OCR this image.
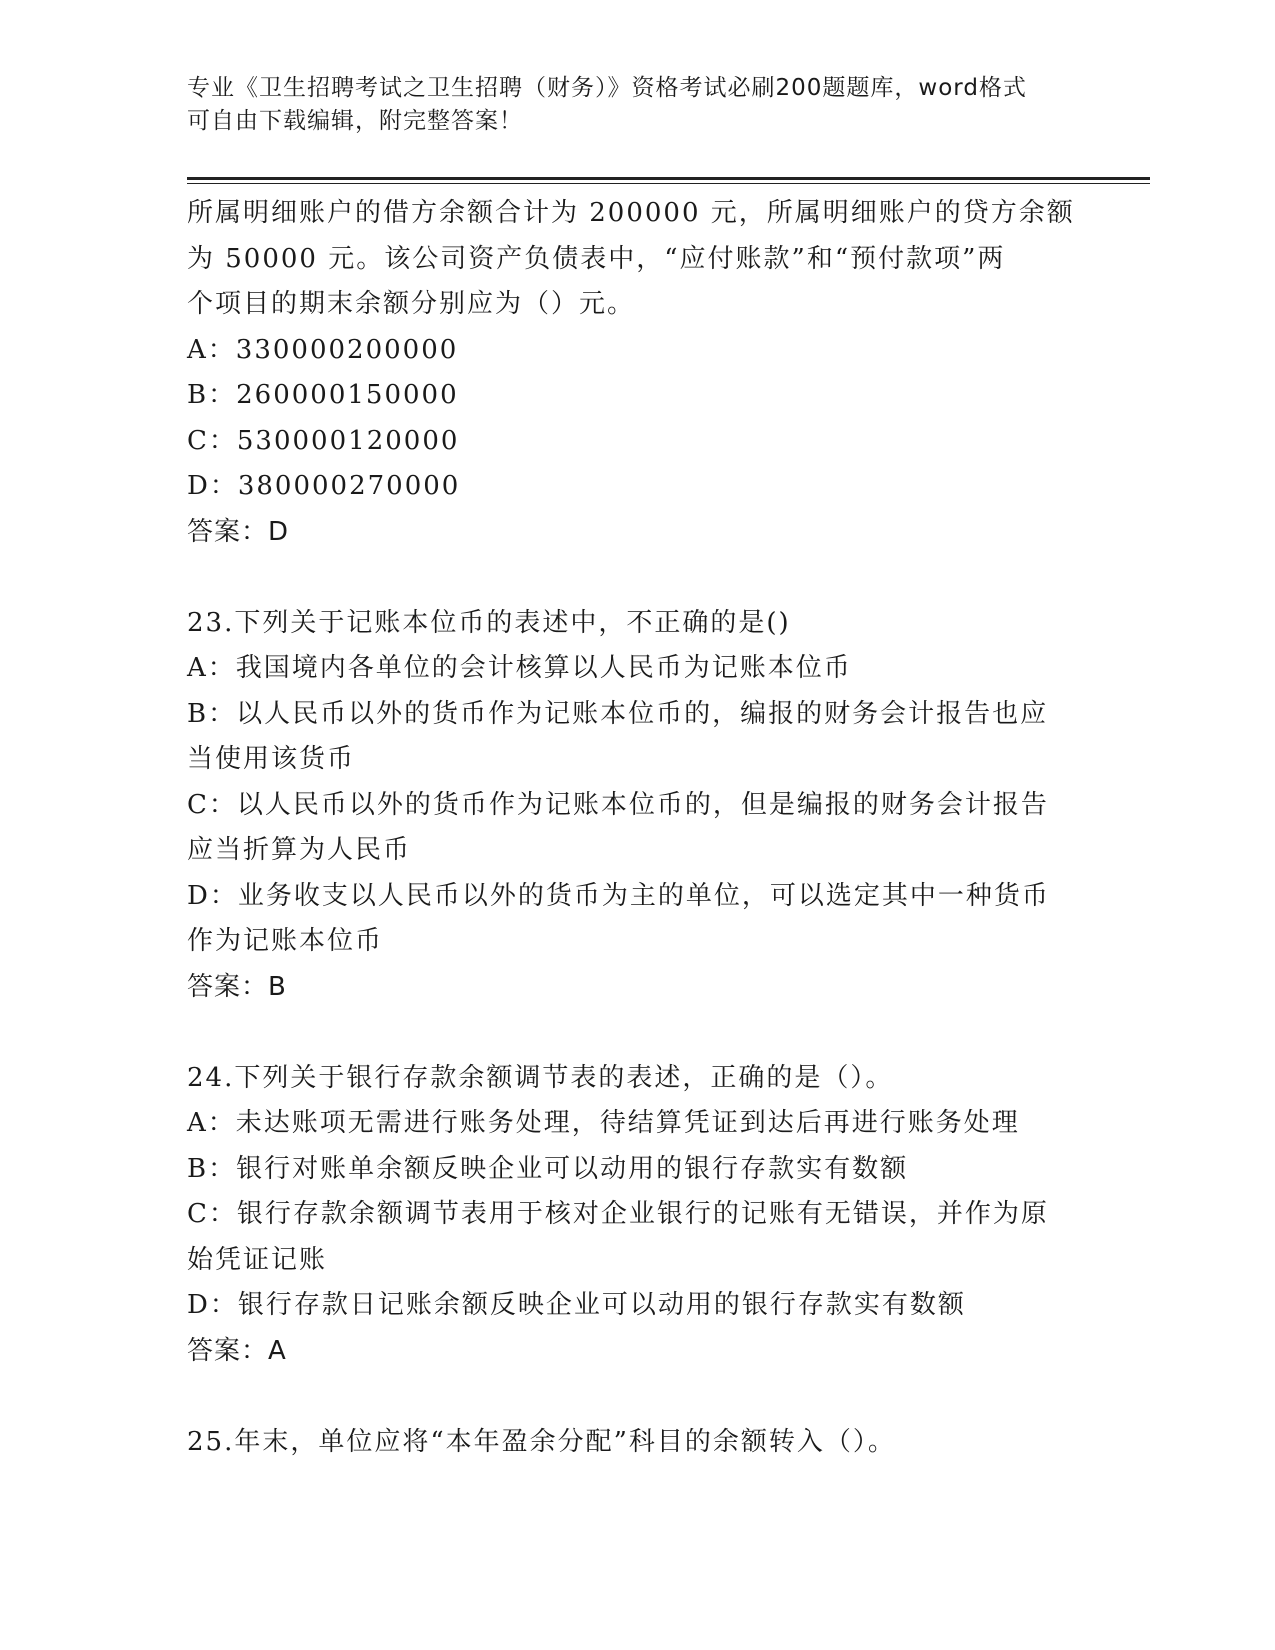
专业《卫生招聘考试之卫生招聘（财务）》资格考试必刷200题题库，word格式
可自由下载编辑，附完整答案！
所属明细账户的借方余额合计为 200000 元，所属明细账户的贷方余额
为 50000 元。该公司资产负债表中，“应付账款”和“预付款项”两
个项目的期末余额分别应为（）元。
A：330000200000
B：260000150000
C：530000120000
D：380000270000
答案：D
23.下列关于记账本位币的表述中，不正确的是()
A：我国境内各单位的会计核算以人民币为记账本位币
B：以人民币以外的货币作为记账本位币的，编报的财务会计报告也应
当使用该货币
C：以人民币以外的货币作为记账本位币的，但是编报的财务会计报告
应当折算为人民币
D：业务收支以人民币以外的货币为主的单位，可以选定其中一种货币
作为记账本位币
答案：B
24.下列关于银行存款余额调节表的表述，正确的是（）。
A：未达账项无需进行账务处理，待结算凭证到达后再进行账务处理
B：银行对账单余额反映企业可以动用的银行存款实有数额
C：银行存款余额调节表用于核对企业银行的记账有无错误，并作为原
始凭证记账
D：银行存款日记账余额反映企业可以动用的银行存款实有数额
答案：A
25.年末，单位应将“本年盈余分配”科目的余额转入（）。
